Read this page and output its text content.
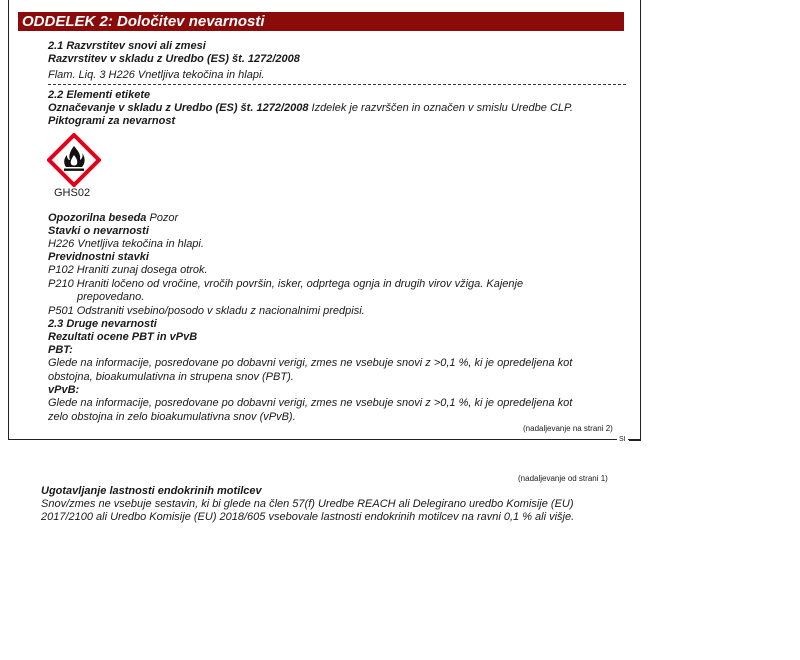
ODDELEK 2: Določitev nevarnosti
2.1 Razvrstitev snovi ali zmesi
Razvrstitev v skladu z Uredbo (ES) št. 1272/2008
Flam. Liq. 3 H226 Vnetljiva tekočina in hlapi.
2.2 Elementi etikete
Označevanje v skladu z Uredbo (ES) št. 1272/2008 Izdelek je razvrščen in označen v smislu Uredbe CLP.
Piktogrami za nevarnost
GHS02
Opozorilna beseda Pozor
Stavki o nevarnosti
H226 Vnetljiva tekočina in hlapi.
Previdnostni stavki
P102 Hraniti zunaj dosega otrok.
P210 Hraniti ločeno od vročine, vročih površin, isker, odprtega ognja in drugih virov vžiga. Kajenje
prepovedano.
P501 Odstraniti vsebino/posodo v skladu z nacionalnimi predpisi.
2.3 Druge nevarnosti
Rezultati ocene PBT in vPvB
PBT:
Glede na informacije, posredovane po dobavni verigi, zmes ne vsebuje snovi z >0,1 %, ki je opredeljena kot
obstojna, bioakumulativna in strupena snov (PBT).
vPvB:
Glede na informacije, posredovane po dobavni verigi, zmes ne vsebuje snovi z >0,1 %, ki je opredeljena kot
zelo obstojna in zelo bioakumulativna snov (vPvB).
(nadaljevanje na strani 2)
SI
(nadaljevanje od strani 1)
Ugotavljanje lastnosti endokrinih motilcev
Snov/zmes ne vsebuje sestavin, ki bi glede na člen 57(f) Uredbe REACH ali Delegirano uredbo Komisije (EU)
2017/2100 ali Uredbo Komisije (EU) 2018/605 vsebovale lastnosti endokrinih motilcev na ravni 0,1 % ali višje.
